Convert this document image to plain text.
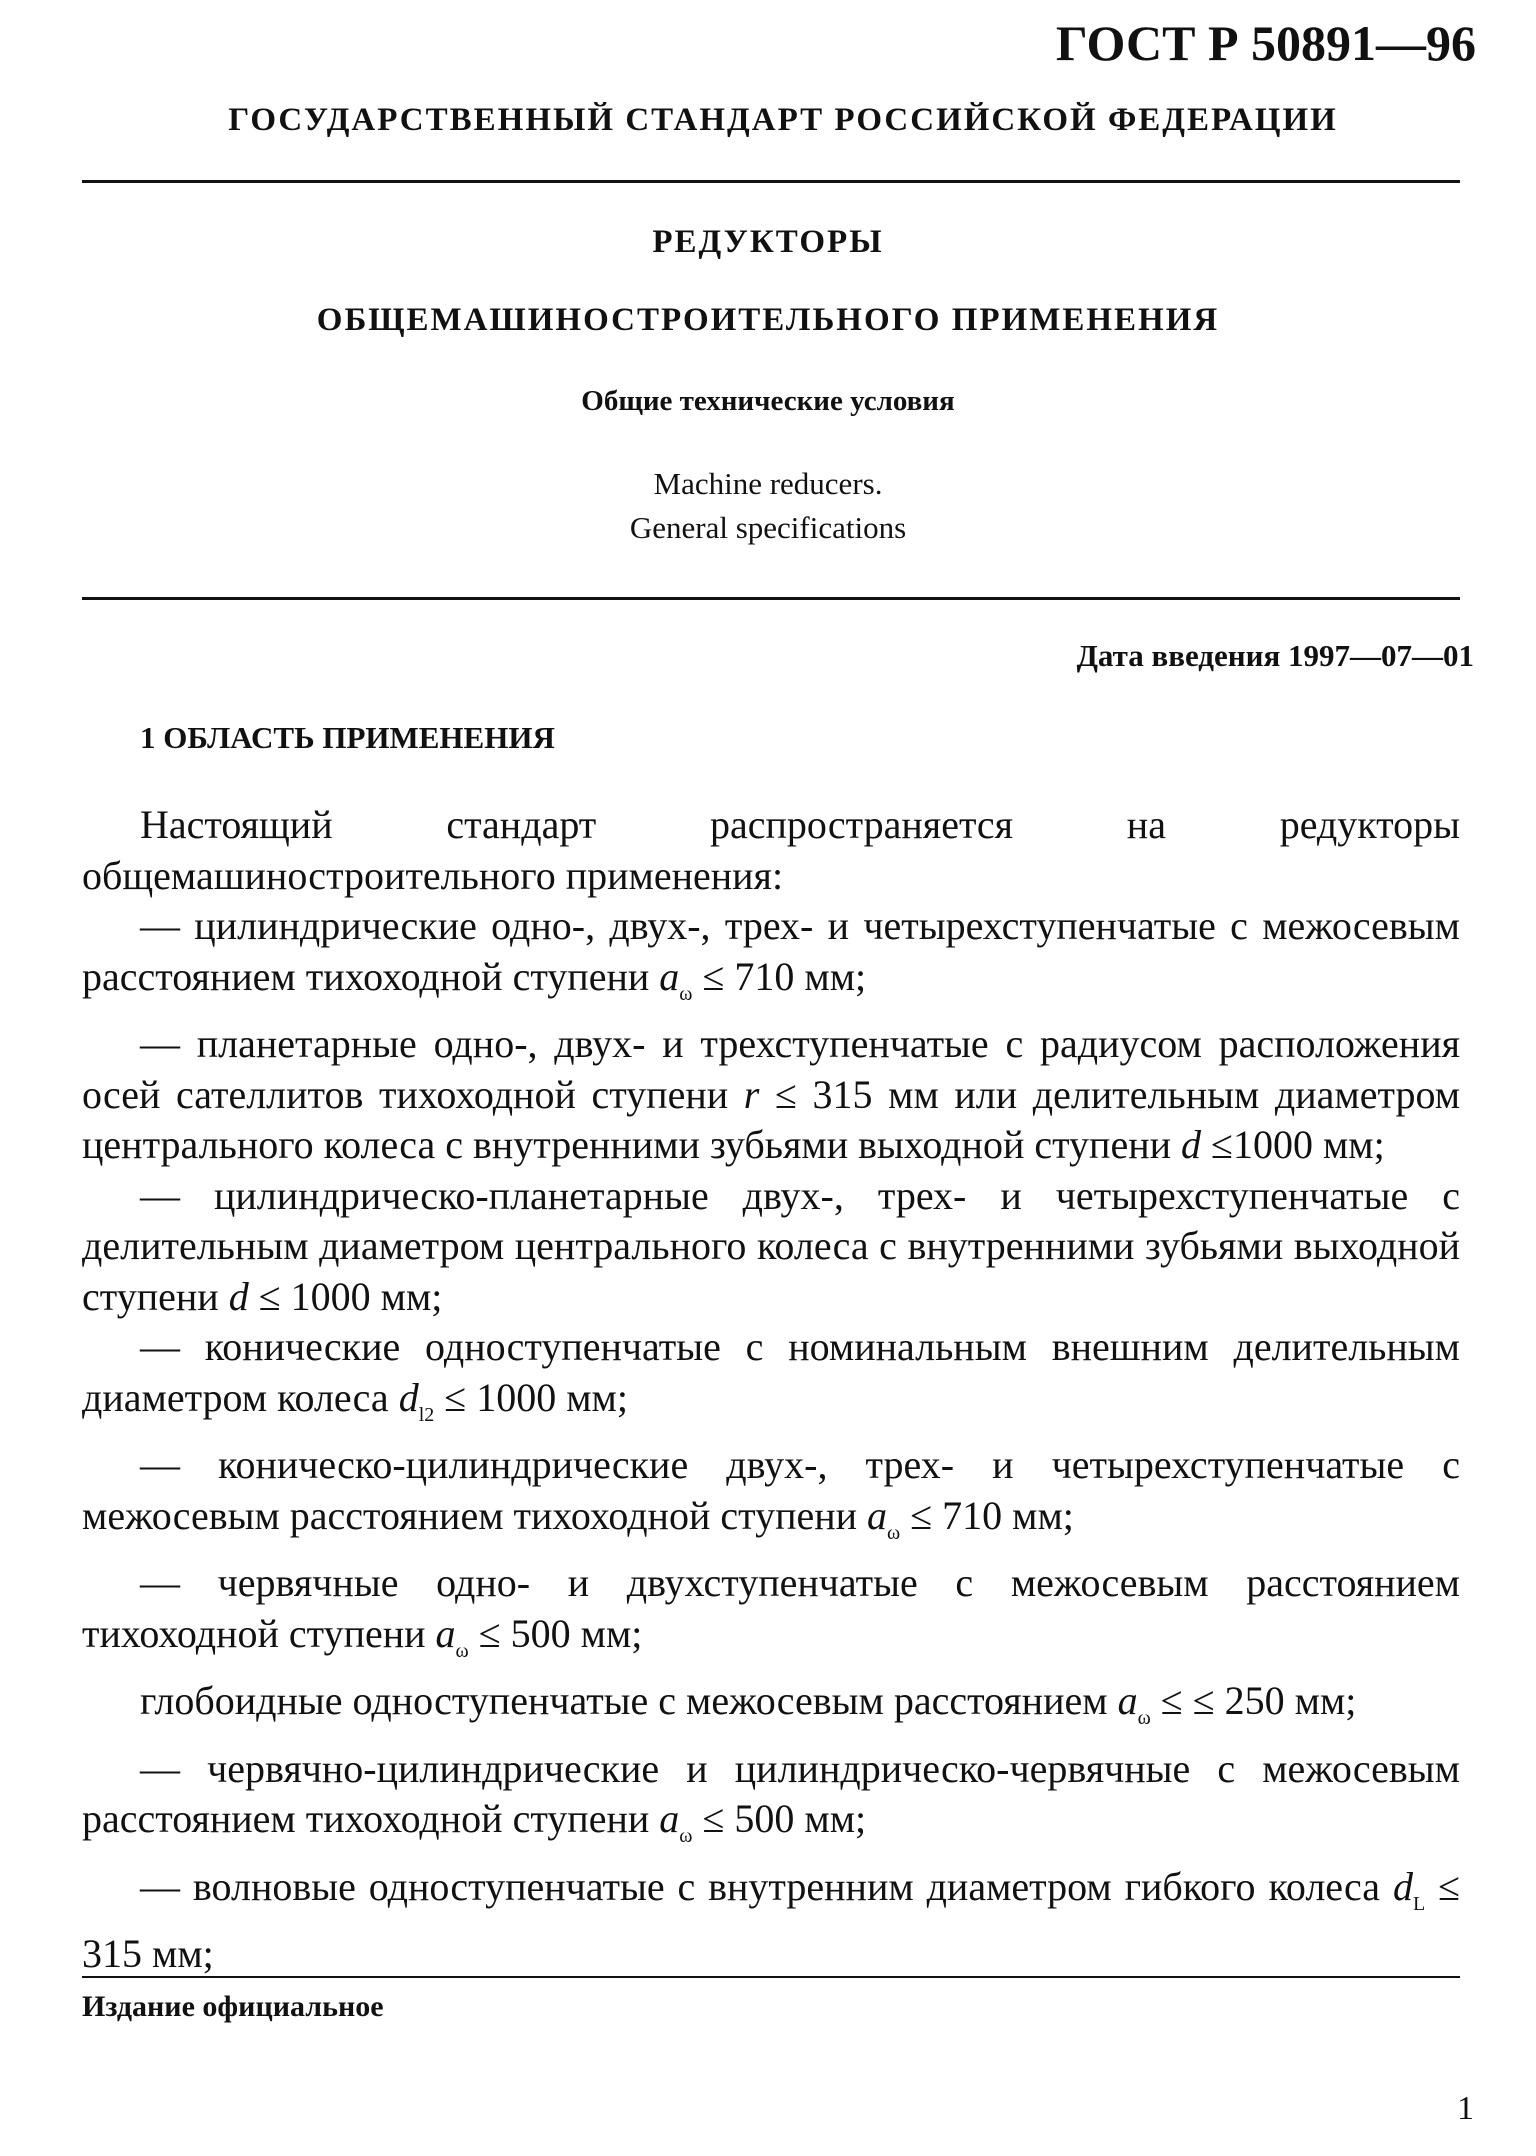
ГОСТ Р 50891—96
ГОСУДАРСТВЕННЫЙ СТАНДАРТ РОССИЙСКОЙ ФЕДЕРАЦИИ
РЕДУКТОРЫ
ОБЩЕМАШИНОСТРОИТЕЛЬНОГО ПРИМЕНЕНИЯ
Общие технические условия
Machine reducers.
General specifications
Дата введения 1997—07—01
1 ОБЛАСТЬ ПРИМЕНЕНИЯ

Настоящий стандарт распространяется на редукторы общемашиностроительного применения:

— цилиндрические одно-, двух-, трех- и четырехступенчатые с межосевым расстоянием тихоходной ступени $a_\omega \le 710$ мм;

— планетарные одно-, двух- и трехступенчатые с радиусом расположения осей сателлитов тихоходной ступени r ≤ 315 мм или делительным диаметром центрального колеса с внутренними зубьями выходной ступени d ≤1000 мм;

— цилиндрическо-планетарные двух-, трех- и четырехступенчатые с делительным диаметром центрального колеса с внутренними зубьями выходной ступени d ≤ 1000 мм;

— конические одноступенчатые с номинальным внешним делительным диаметром колеса $d_{l2} \le 1000$ мм;

— коническо-цилиндрические двух-, трех- и четырехступенчатые с межосевым расстоянием тихоходной ступени $a_\omega \le 710$ мм;

— червячные одно- и двухступенчатые с межосевым расстоянием тихоходной ступени $a_\omega \le 500$ мм;

глобоидные одноступенчатые с межосевым расстоянием $a_\omega$ ≤ ≤ 250 мм;

— червячно-цилиндрические и цилиндрическо-червячные с межосевым расстоянием тихоходной ступени $a_\omega \le 500$ мм;

— волновые одноступенчатые с внутренним диаметром гибкого колеса $d_L \le 315$ мм;

Издание официальное
1
